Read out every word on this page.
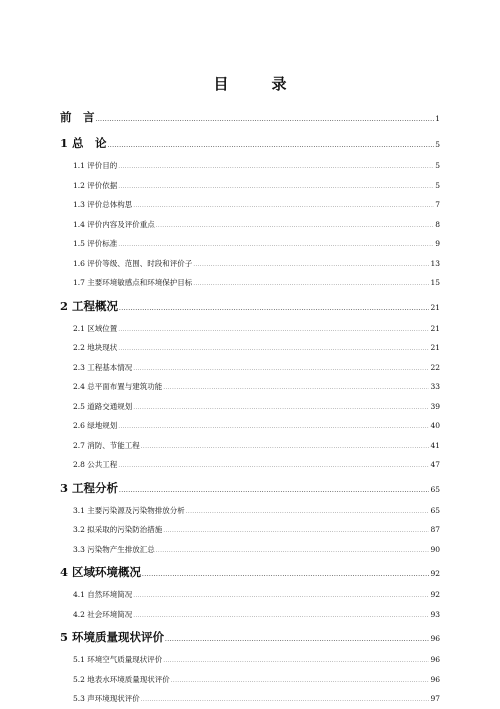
目　录
前　言 .....	1
1 总　论 .....	5
1.1 评价目的 .....	5
1.2 评价依据 .....	5
1.3 评价总体构思 .....	7
1.4 评价内容及评价重点 .....	8
1.5 评价标准 .....	9
1.6 评价等级、范围、时段和评价子 .....	13
1.7 主要环境敏感点和环境保护目标 .....	15
2 工程概况 .....	21
2.1 区域位置 .....	21
2.2 地块现状 .....	21
2.3 工程基本情况 .....	22
2.4 总平面布置与建筑功能 .....	33
2.5 道路交通规划 .....	39
2.6 绿地规划 .....	40
2.7 消防、节能工程 .....	41
2.8 公共工程 .....	47
3 工程分析 .....	65
3.1 主要污染源及污染物排放分析 .....	65
3.2 拟采取的污染防治措施 .....	87
3.3 污染物产生排放汇总 .....	90
4 区域环境概况 .....	92
4.1 自然环境简况 .....	92
4.2 社会环境简况 .....	93
5 环境质量现状评价 .....	96
5.1 环境空气质量现状评价 .....	96
5.2 地表水环境质量现状评价 .....	96
5.3 声环境现状评价 .....	97
